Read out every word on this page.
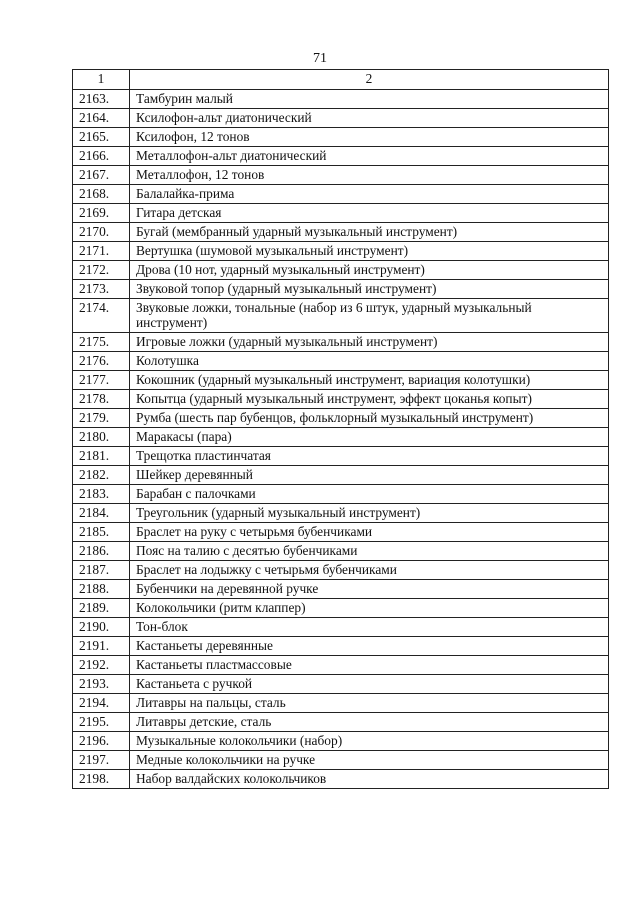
71
1	2
2163.	Тамбурин малый
2164.	Ксилофон-альт диатонический
2165.	Ксилофон, 12 тонов
2166.	Металлофон-альт диатонический
2167.	Металлофон, 12 тонов
2168.	Балалайка-прима
2169.	Гитара детская
2170.	Бугай (мембранный ударный музыкальный инструмент)
2171.	Вертушка (шумовой музыкальный инструмент)
2172.	Дрова (10 нот, ударный музыкальный инструмент)
2173.	Звуковой топор (ударный музыкальный инструмент)
2174.	Звуковые ложки, тональные (набор из 6 штук, ударный музыкальный инструмент)
2175.	Игровые ложки (ударный музыкальный инструмент)
2176.	Колотушка
2177.	Кокошник (ударный музыкальный инструмент, вариация колотушки)
2178.	Копытца (ударный музыкальный инструмент, эффект цоканья копыт)
2179.	Румба (шесть пар бубенцов, фольклорный музыкальный инструмент)
2180.	Маракасы (пара)
2181.	Трещотка пластинчатая
2182.	Шейкер деревянный
2183.	Барабан с палочками
2184.	Треугольник (ударный музыкальный инструмент)
2185.	Браслет на руку с четырьмя бубенчиками
2186.	Пояс на талию с десятью бубенчиками
2187.	Браслет на лодыжку с четырьмя бубенчиками
2188.	Бубенчики на деревянной ручке
2189.	Колокольчики (ритм клаппер)
2190.	Тон-блок
2191.	Кастаньеты деревянные
2192.	Кастаньеты пластмассовые
2193.	Кастаньета с ручкой
2194.	Литавры на пальцы, сталь
2195.	Литавры детские, сталь
2196.	Музыкальные колокольчики (набор)
2197.	Медные колокольчики на ручке
2198.	Набор валдайских колокольчиков
